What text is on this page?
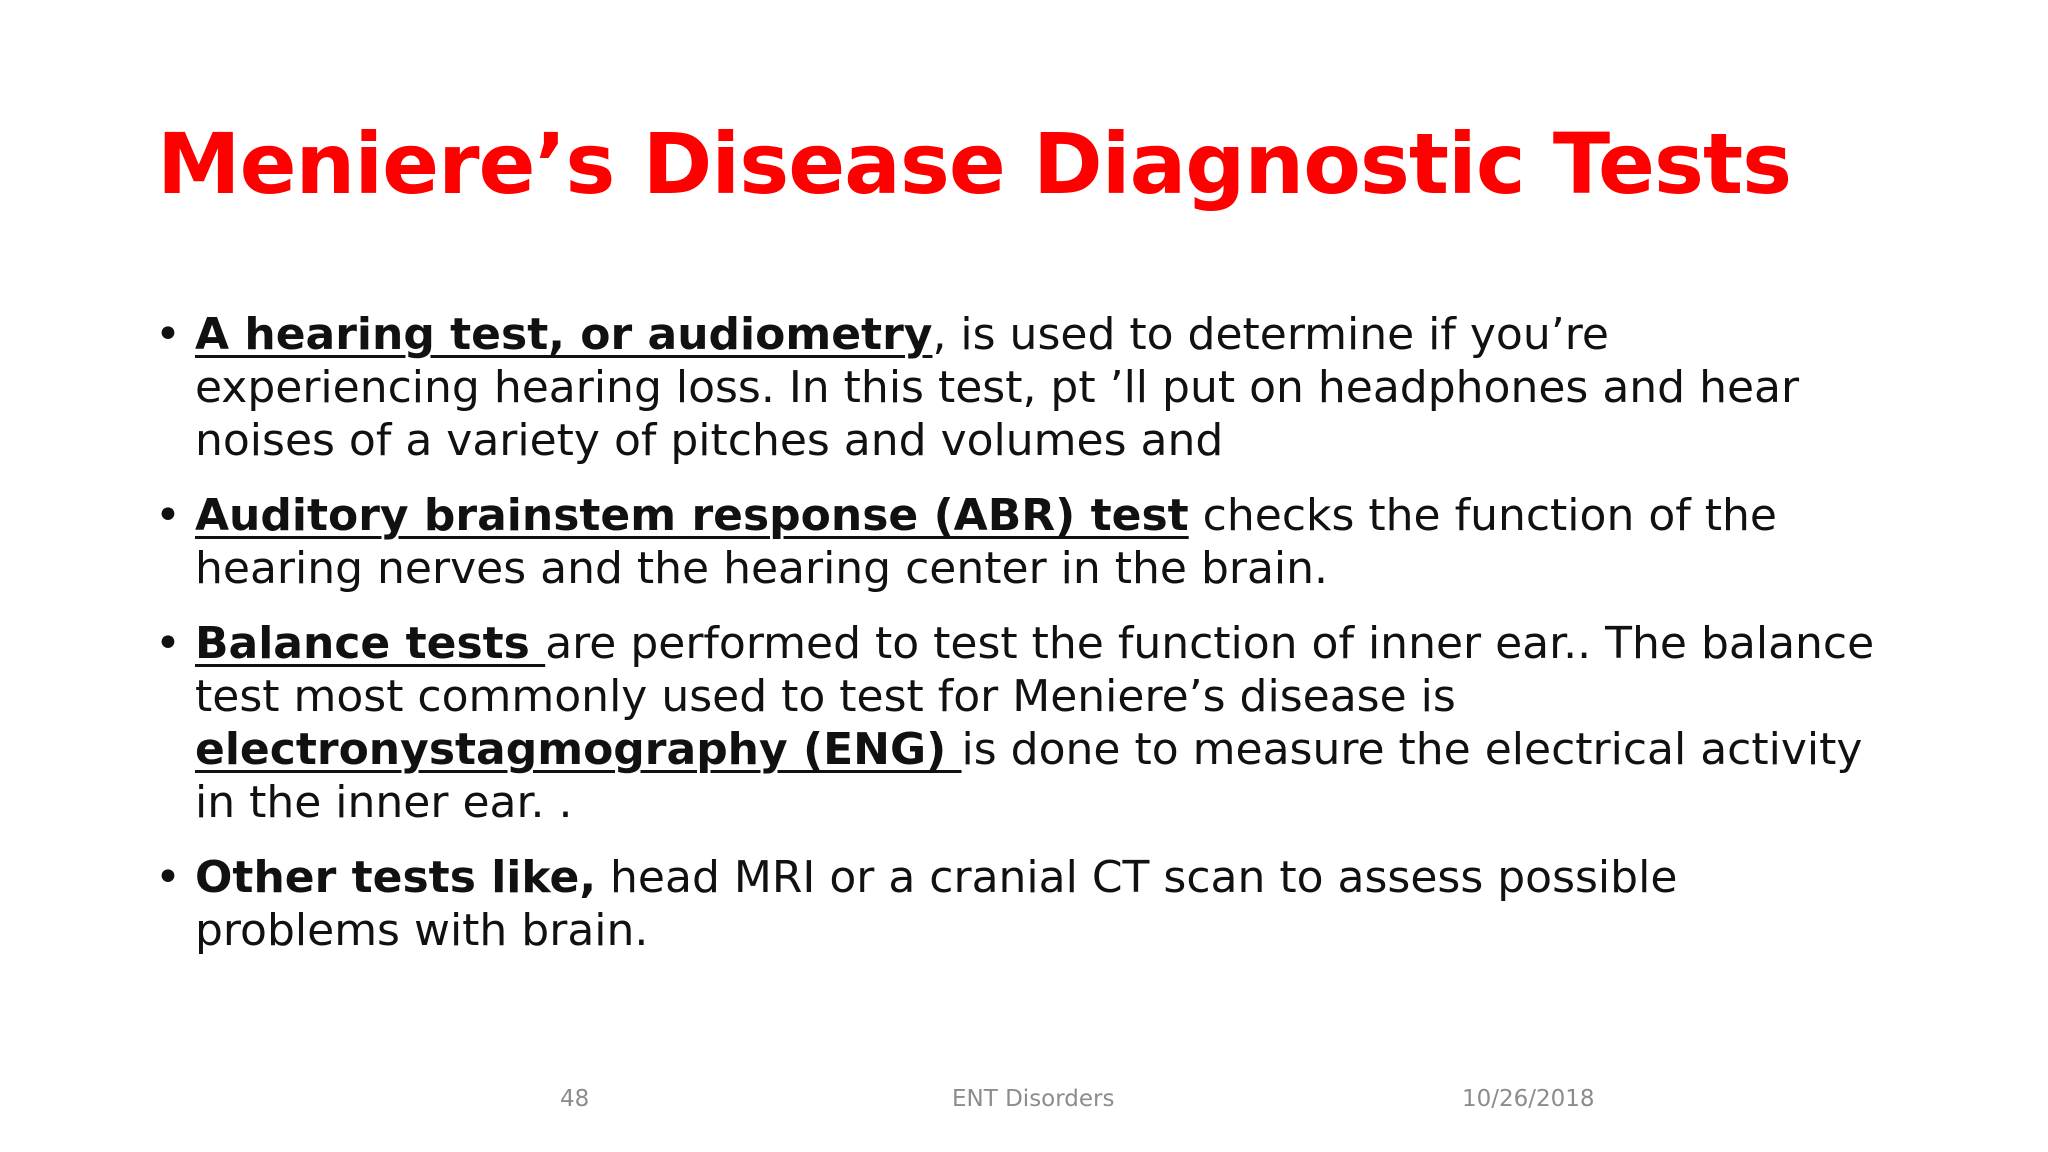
Meniere’s Disease Diagnostic Tests
• A hearing test, or audiometry, is used to determine if you’re experiencing hearing loss. In this test, pt ’ll put on headphones and hear noises of a variety of pitches and volumes and
• Auditory brainstem response (ABR) test checks the function of the hearing nerves and the hearing center in the brain.
• Balance tests are performed to test the function of inner ear.. The balance test most commonly used to test for Meniere’s disease is electronystagmography (ENG) is done to measure the electrical activity in the inner ear. .
• Other tests like, head MRI or a cranial CT scan to assess possible problems with brain.
48	ENT Disorders	10/26/2018
